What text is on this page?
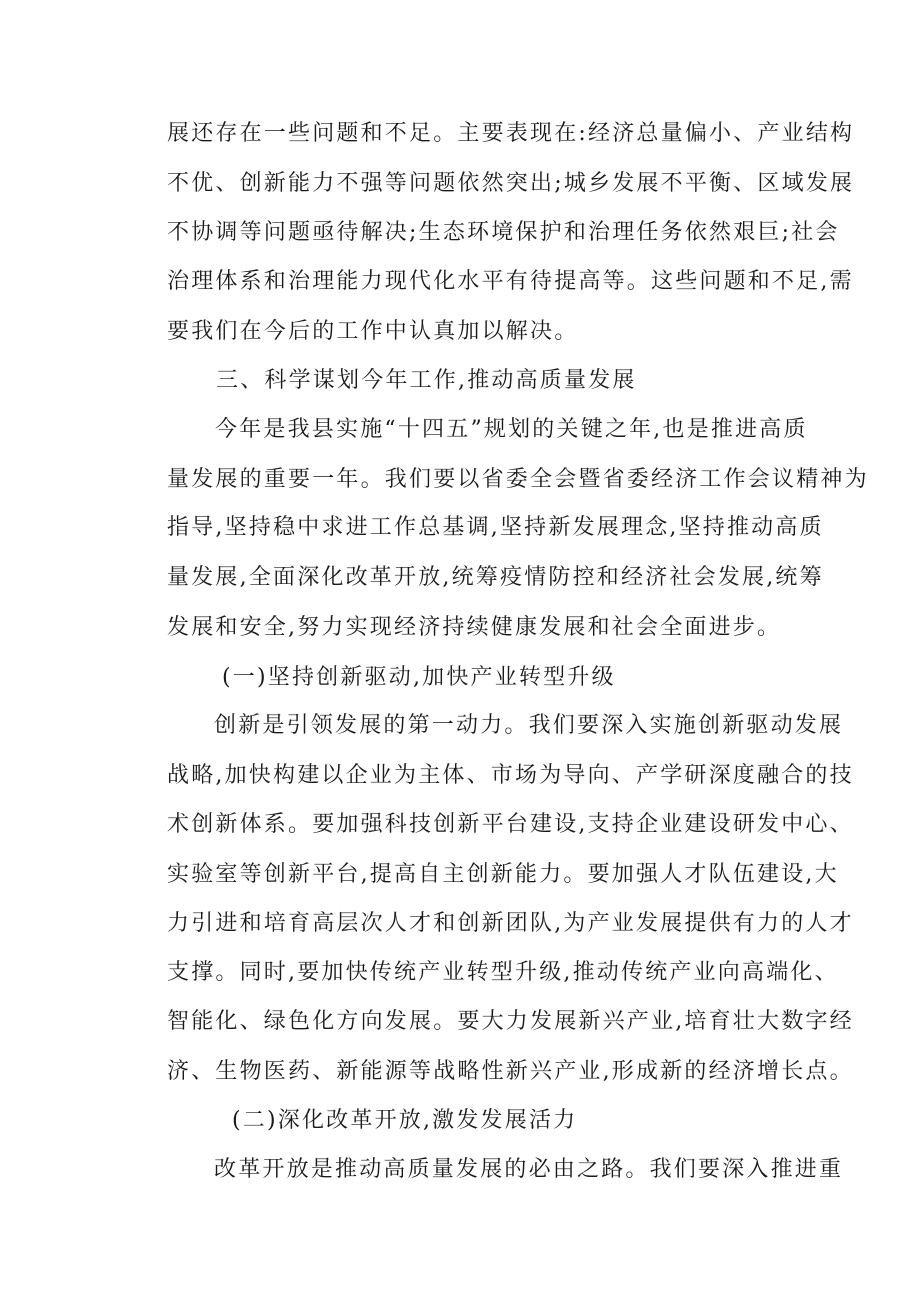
展还存在一些问题和不足。主要表现在:经济总量偏小、产业结构
不优、创新能力不强等问题依然突出;城乡发展不平衡、区域发展
不协调等问题亟待解决;生态环境保护和治理任务依然艰巨;社会
治理体系和治理能力现代化水平有待提高等。这些问题和不足,需
要我们在今后的工作中认真加以解决。
三、科学谋划今年工作,推动高质量发展
今年是我县实施“十四五”规划的关键之年,也是推进高质
量发展的重要一年。我们要以省委全会暨省委经济工作会议精神为
指导,坚持稳中求进工作总基调,坚持新发展理念,坚持推动高质
量发展,全面深化改革开放,统筹疫情防控和经济社会发展,统筹
发展和安全,努力实现经济持续健康发展和社会全面进步。
(一)坚持创新驱动,加快产业转型升级
创新是引领发展的第一动力。我们要深入实施创新驱动发展
战略,加快构建以企业为主体、市场为导向、产学研深度融合的技
术创新体系。要加强科技创新平台建设,支持企业建设研发中心、
实验室等创新平台,提高自主创新能力。要加强人才队伍建设,大
力引进和培育高层次人才和创新团队,为产业发展提供有力的人才
支撑。同时,要加快传统产业转型升级,推动传统产业向高端化、
智能化、绿色化方向发展。要大力发展新兴产业,培育壮大数字经
济、生物医药、新能源等战略性新兴产业,形成新的经济增长点。
(二)深化改革开放,激发发展活力
改革开放是推动高质量发展的必由之路。我们要深入推进重
